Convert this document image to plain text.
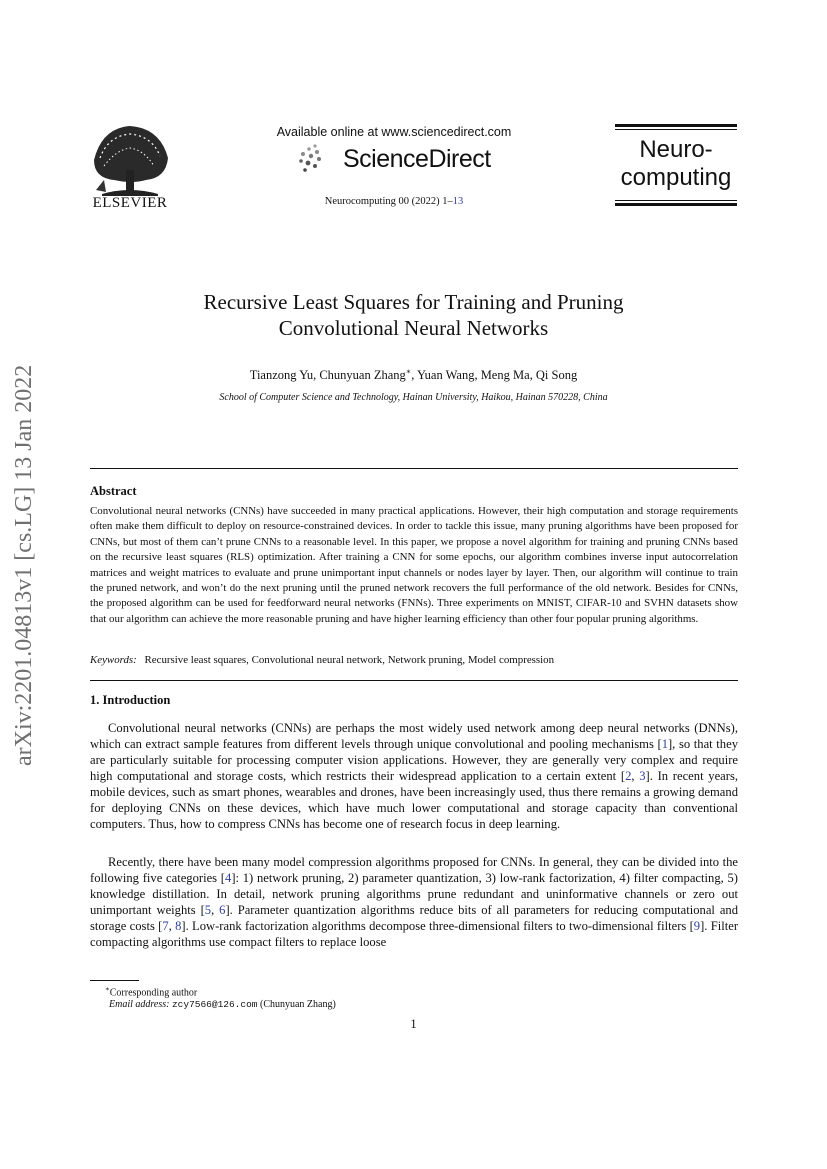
arXiv:2201.04813v1 [cs.LG] 13 Jan 2022
ELSEVIER
Available online at www.sciencedirect.com
ScienceDirect
Neurocomputing 00 (2022) 1–13
Neuro-
computing
Recursive Least Squares for Training and Pruning
Convolutional Neural Networks
Tianzong Yu, Chunyuan Zhang∗, Yuan Wang, Meng Ma, Qi Song
School of Computer Science and Technology, Hainan University, Haikou, Hainan 570228, China
Abstract
Convolutional neural networks (CNNs) have succeeded in many practical applications. However, their high computation and storage requirements often make them difficult to deploy on resource-constrained devices. In order to tackle this issue, many pruning algorithms have been proposed for CNNs, but most of them can’t prune CNNs to a reasonable level. In this paper, we propose a novel algorithm for training and pruning CNNs based on the recursive least squares (RLS) optimization. After training a CNN for some epochs, our algorithm combines inverse input autocorrelation matrices and weight matrices to evaluate and prune unimportant input channels or nodes layer by layer. Then, our algorithm will continue to train the pruned network, and won’t do the next pruning until the pruned network recovers the full performance of the old network. Besides for CNNs, the proposed algorithm can be used for feedforward neural networks (FNNs). Three experiments on MNIST, CIFAR-10 and SVHN datasets show that our algorithm can achieve the more reasonable pruning and have higher learning efficiency than other four popular pruning algorithms.
Keywords: Recursive least squares, Convolutional neural network, Network pruning, Model compression
1. Introduction
Convolutional neural networks (CNNs) are perhaps the most widely used network among deep neural networks (DNNs), which can extract sample features from different levels through unique convolutional and pooling mechanisms [1], so that they are particularly suitable for processing computer vision applications. However, they are generally very complex and require high computational and storage costs, which restricts their widespread application to a certain extent [2, 3]. In recent years, mobile devices, such as smart phones, wearables and drones, have been increasingly used, thus there remains a growing demand for deploying CNNs on these devices, which have much lower computational and storage capacity than conventional computers. Thus, how to compress CNNs has become one of research focus in deep learning.
Recently, there have been many model compression algorithms proposed for CNNs. In general, they can be divided into the following five categories [4]: 1) network pruning, 2) parameter quantization, 3) low-rank factorization, 4) filter compacting, 5) knowledge distillation. In detail, network pruning algorithms prune redundant and uninformative channels or zero out unimportant weights [5, 6]. Parameter quantization algorithms reduce bits of all parameters for reducing computational and storage costs [7, 8]. Low-rank factorization algorithms decompose three-dimensional filters to two-dimensional filters [9]. Filter compacting algorithms use compact filters to replace loose
∗Corresponding author
Email address: zcy7566@126.com (Chunyuan Zhang)
1
